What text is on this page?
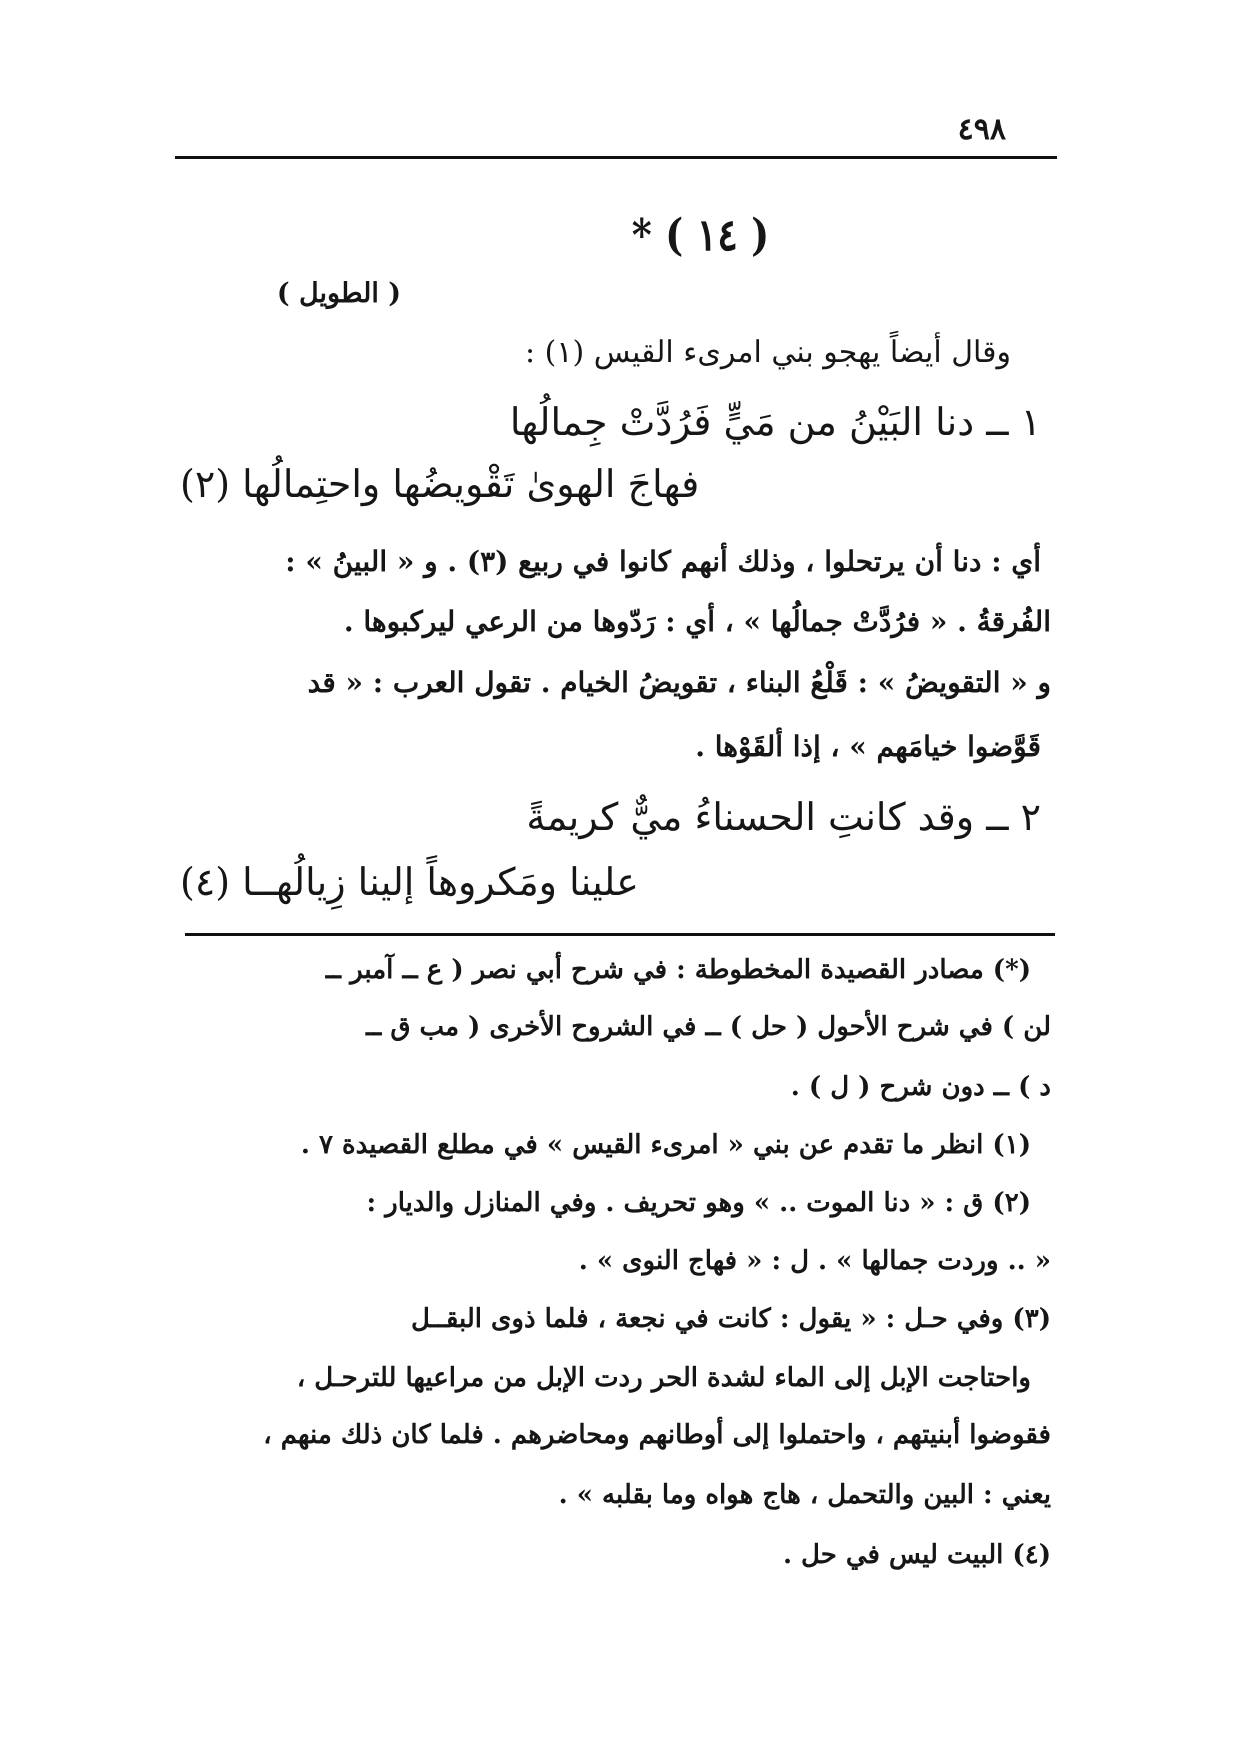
٤٩٨
( ١٤ ) *
( الطويل )
وقال أيضاً يهجو بني امرىء القيس (١) :
١ ــ دنا البَيْنُ من مَيٍّ فَرُدَّتْ جِمالُها
فهاجَ الهوىٰ تَقْويضُها واحتِمالُها (٢)
أي : دنا أن يرتحلوا ، وذلك أنهم كانوا في ربيع (٣) . و « البينُ » :
الفُرقةُ . « فرُدَّتْ جمالُها » ، أي : رَدّوها من الرعي ليركبوها .
و « التقويضُ » : قَلْعُ البناء ، تقويضُ الخيام . تقول العرب : « قد
قَوَّضوا خيامَهم » ، إذا ألقَوْها .
٢ ــ وقد كانتِ الحسناءُ ميٌّ كريمةً
علينا ومَكروهاً إلينا زِيالُهــا (٤)
(*) مصادر القصيدة المخطوطة : في شرح أبي نصر ( ع ــ آمبر ــ
لن ) في شرح الأحول ( حل ) ــ في الشروح الأخرى ( مب ق ــ
د ) ــ دون شرح ( ل ) .
(١) انظر ما تقدم عن بني « امرىء القيس » في مطلع القصيدة ٧ .
(٢) ق : « دنا الموت .. » وهو تحريف . وفي المنازل والديار :
« .. وردت جمالها » . ل : « فهاج النوى » .
(٣) وفي حـل : « يقول : كانت في نجعة ، فلما ذوى البقــل
واحتاجت الإبل إلى الماء لشدة الحر ردت الإبل من مراعيها للترحـل ،
فقوضوا أبنيتهم ، واحتملوا إلى أوطانهم ومحاضرهم . فلما كان ذلك منهم ،
يعني : البين والتحمل ، هاج هواه وما بقلبه » .
(٤) البيت ليس في حل .
